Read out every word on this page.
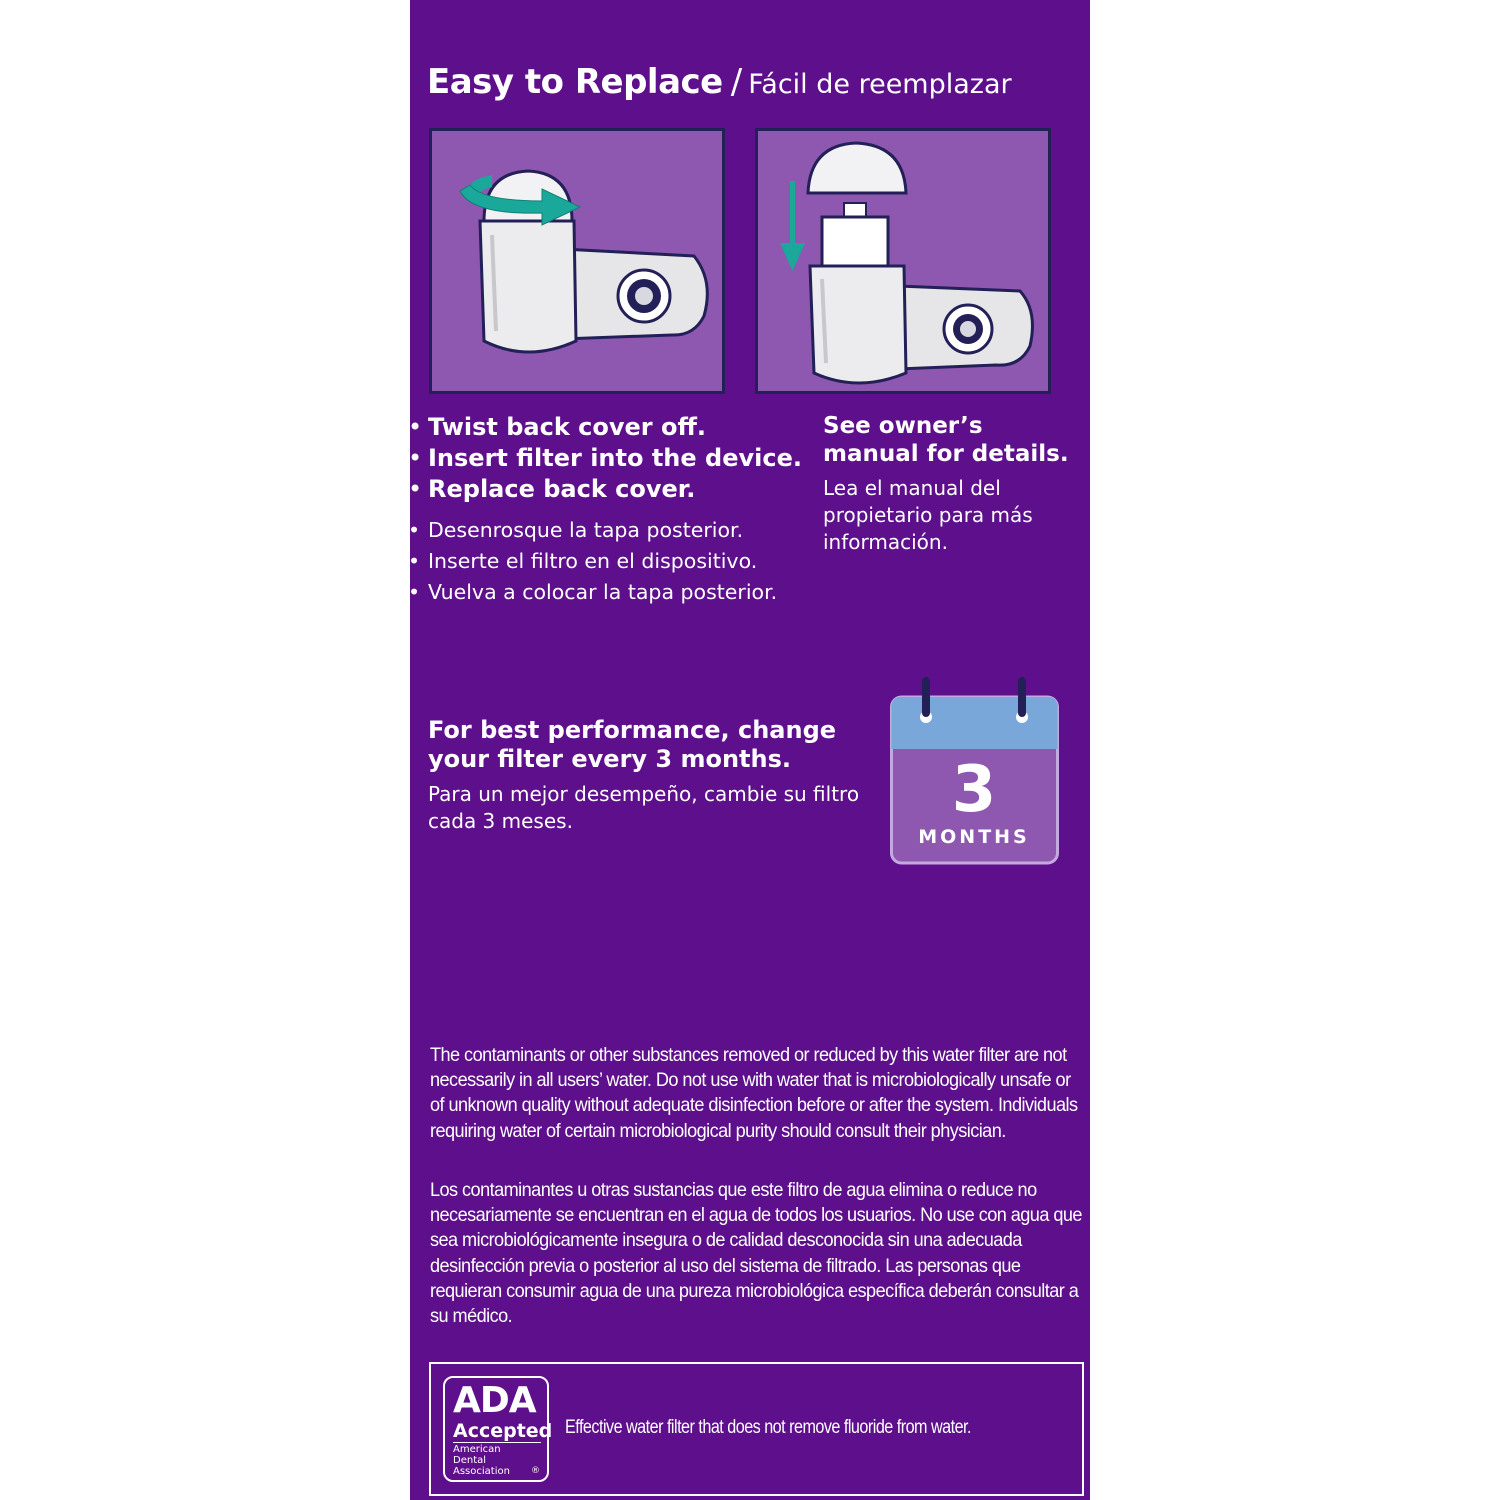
Easy to Replace / Fácil de reemplazar
• Twist back cover off.
• Insert filter into the device.
• Replace back cover.
• Desenrosque la tapa posterior.
• Inserte el filtro en el dispositivo.
• Vuelva a colocar la tapa posterior.
See owner’s manual for details.
Lea el manual del propietario para más información.
For best performance, change your filter every 3 months.
Para un mejor desempeño, cambie su filtro cada 3 meses.	3
MONTHS
The contaminants or other substances removed or reduced by this water filter are not necessarily in all users’ water. Do not use with water that is microbiologically unsafe or of unknown quality without adequate disinfection before or after the system. Individuals requiring water of certain microbiological purity should consult their physician.
Los contaminantes u otras sustancias que este filtro de agua elimina o reduce no necesariamente se encuentran en el agua de todos los usuarios. No use con agua que sea microbiológicamente insegura o de calidad desconocida sin una adecuada desinfección previa o posterior al uso del sistema de filtrado. Las personas que requieran consumir agua de una pureza microbiológica específica deberán consultar a su médico.
ADA
Accepted
American Dental Association	®
Effective water filter that does not remove fluoride from water.
